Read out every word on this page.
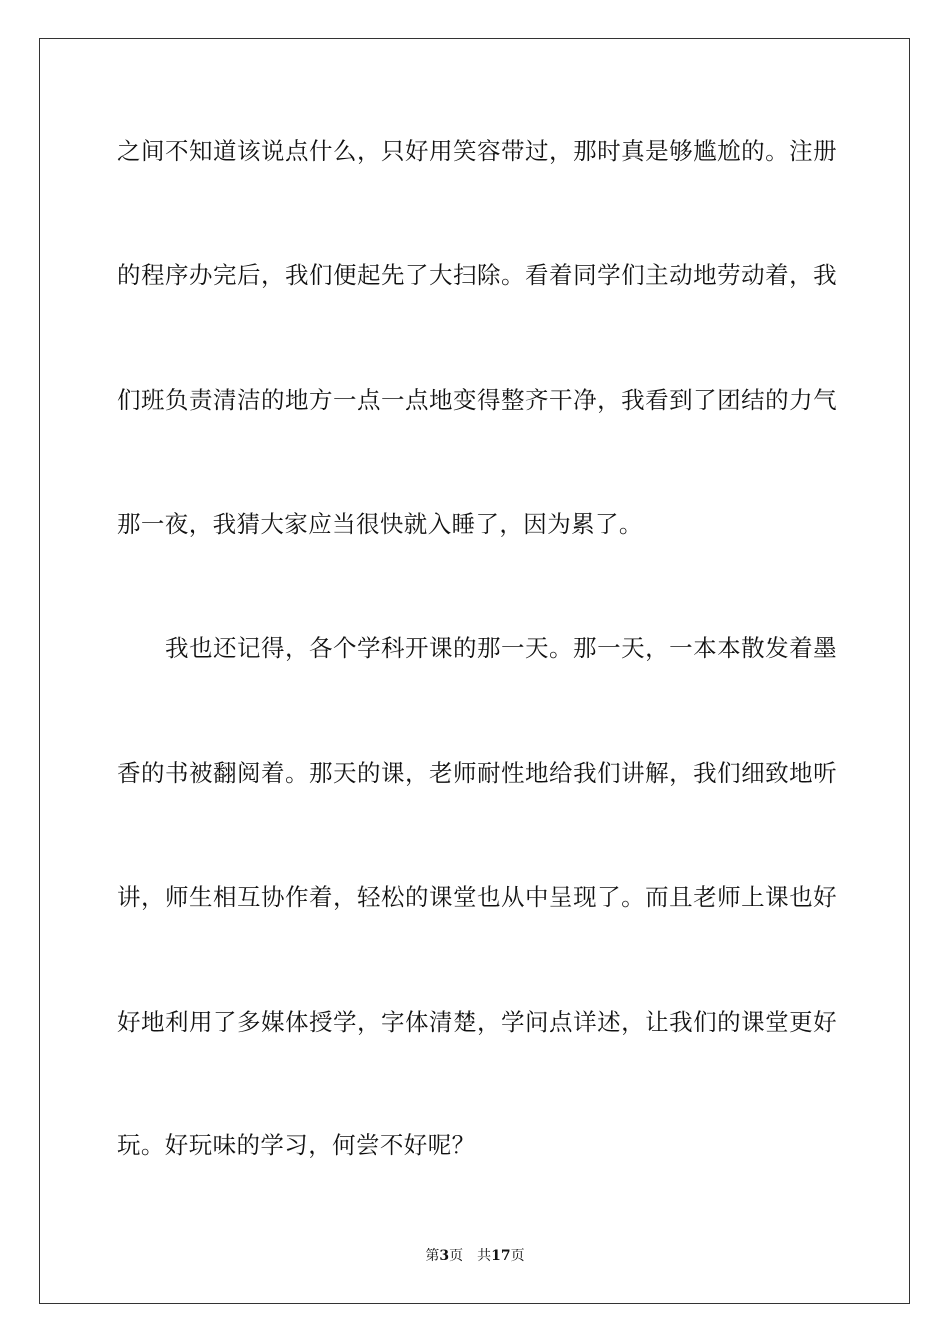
之间不知道该说点什么，只好用笑容带过，那时真是够尴尬的。注册
的程序办完后，我们便起先了大扫除。看着同学们主动地劳动着，我
们班负责清洁的地方一点一点地变得整齐干净，我看到了团结的力气
那一夜，我猜大家应当很快就入睡了，因为累了。
我也还记得，各个学科开课的那一天。那一天，一本本散发着墨
香的书被翻阅着。那天的课，老师耐性地给我们讲解，我们细致地听
讲，师生相互协作着，轻松的课堂也从中呈现了。而且老师上课也好
好地利用了多媒体授学，字体清楚，学问点详述，让我们的课堂更好
玩。好玩味的学习，何尝不好呢？
第3页 共17页
